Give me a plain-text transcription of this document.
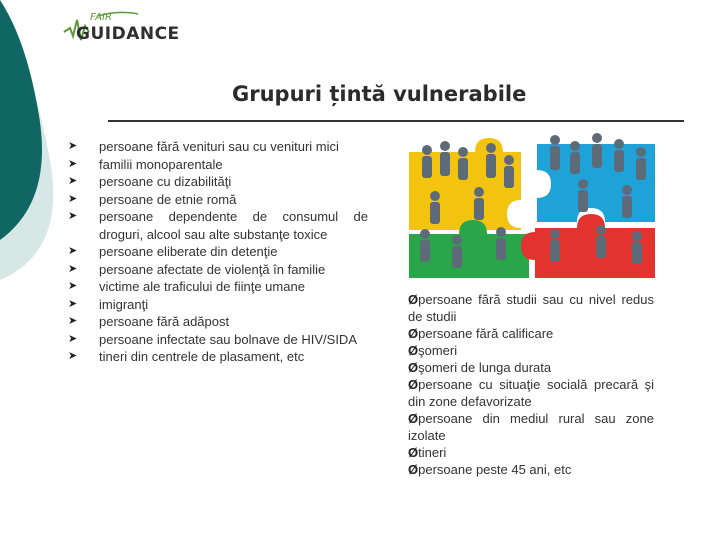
FAIR
GUIDANCE
Grupuri țintă vulnerabile
➤ persoane fără venituri sau cu venituri mici
➤ familii monoparentale
➤ persoane cu dizabilităţi
➤ persoane de etnie romă
➤ persoane dependente de consumul de droguri, alcool sau alte substanţe toxice
➤ persoane eliberate din detenţie
➤ persoane afectate de violenţă în familie
➤ victime ale traficului de fiinţe umane
➤ imigranţi
➤ persoane fără adăpost
➤ persoane infectate sau bolnave de HIV/SIDA
➤ tineri din centrele de plasament, etc
Øpersoane fără studii sau cu nivel redus de studii
Øpersoane fără calificare
Øşomeri
Øşomeri de lunga durata
Øpersoane cu situaţie socială precară şi din zone defavorizate
Øpersoane din mediul rural sau zone izolate
Øtineri
Øpersoane peste 45 ani, etc
